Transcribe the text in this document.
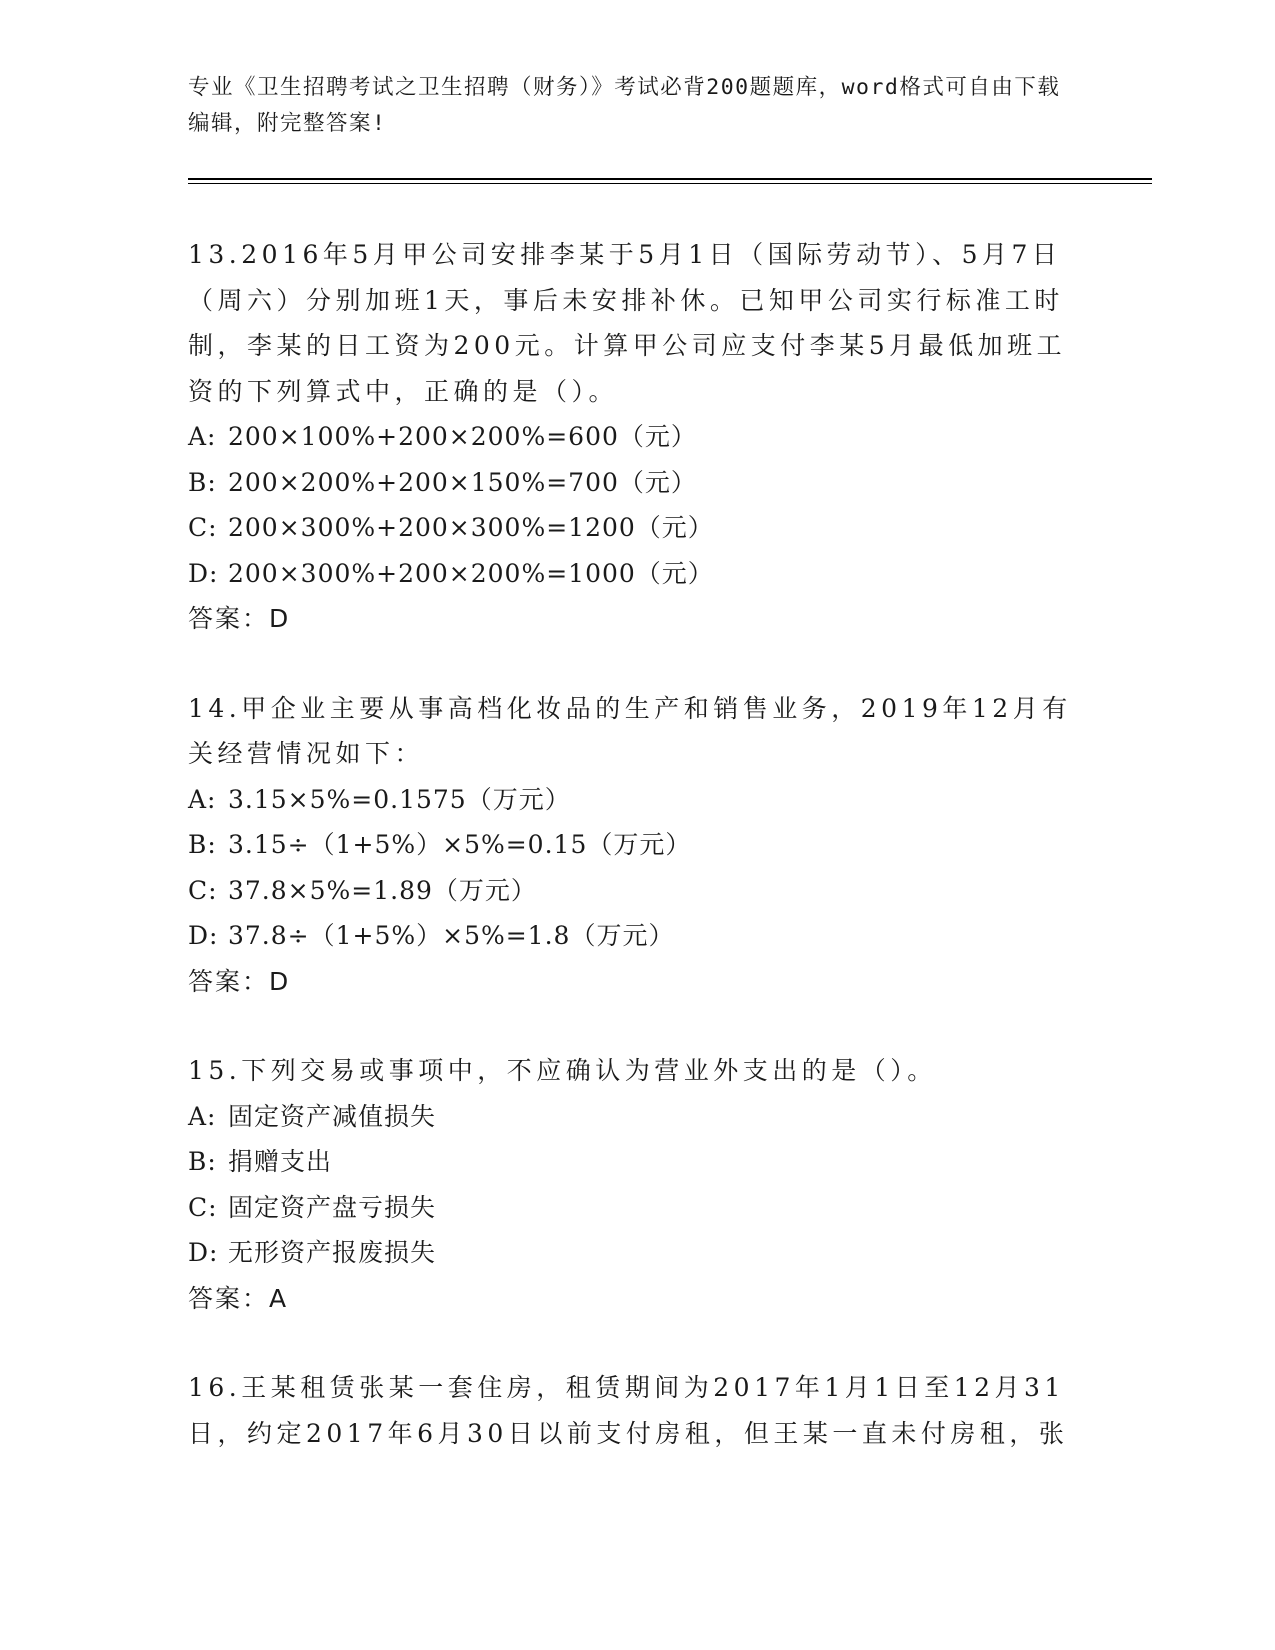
专业《卫生招聘考试之卫生招聘（财务）》考试必背200题题库，word格式可自由下载编辑，附完整答案!

13.2016年5月甲公司安排李某于5月1日（国际劳动节）、5月7日（周六）分别加班1天，事后未安排补休。已知甲公司实行标准工时制，李某的日工资为200元。计算甲公司应支付李某5月最低加班工资的下列算式中，正确的是（）。

A: 200×100%+200×200%=600（元）

B: 200×200%+200×150%=700（元）

C: 200×300%+200×300%=1200（元）

D: 200×300%+200×200%=1000（元）

答案：D

14.甲企业主要从事高档化妆品的生产和销售业务，2019年12月有关经营情况如下：

A: 3.15×5%=0.1575（万元）

B: 3.15÷（1+5%）×5%=0.15（万元）

C: 37.8×5%=1.89（万元）

D: 37.8÷（1+5%）×5%=1.8（万元）

答案：D

15.下列交易或事项中，不应确认为营业外支出的是（）。

A: 固定资产减值损失

B: 捐赠支出

C: 固定资产盘亏损失

D: 无形资产报废损失

答案：A

16.王某租赁张某一套住房，租赁期间为2017年1月1日至12月31日，约定2017年6月30日以前支付房租，但王某一直未付房租，张
